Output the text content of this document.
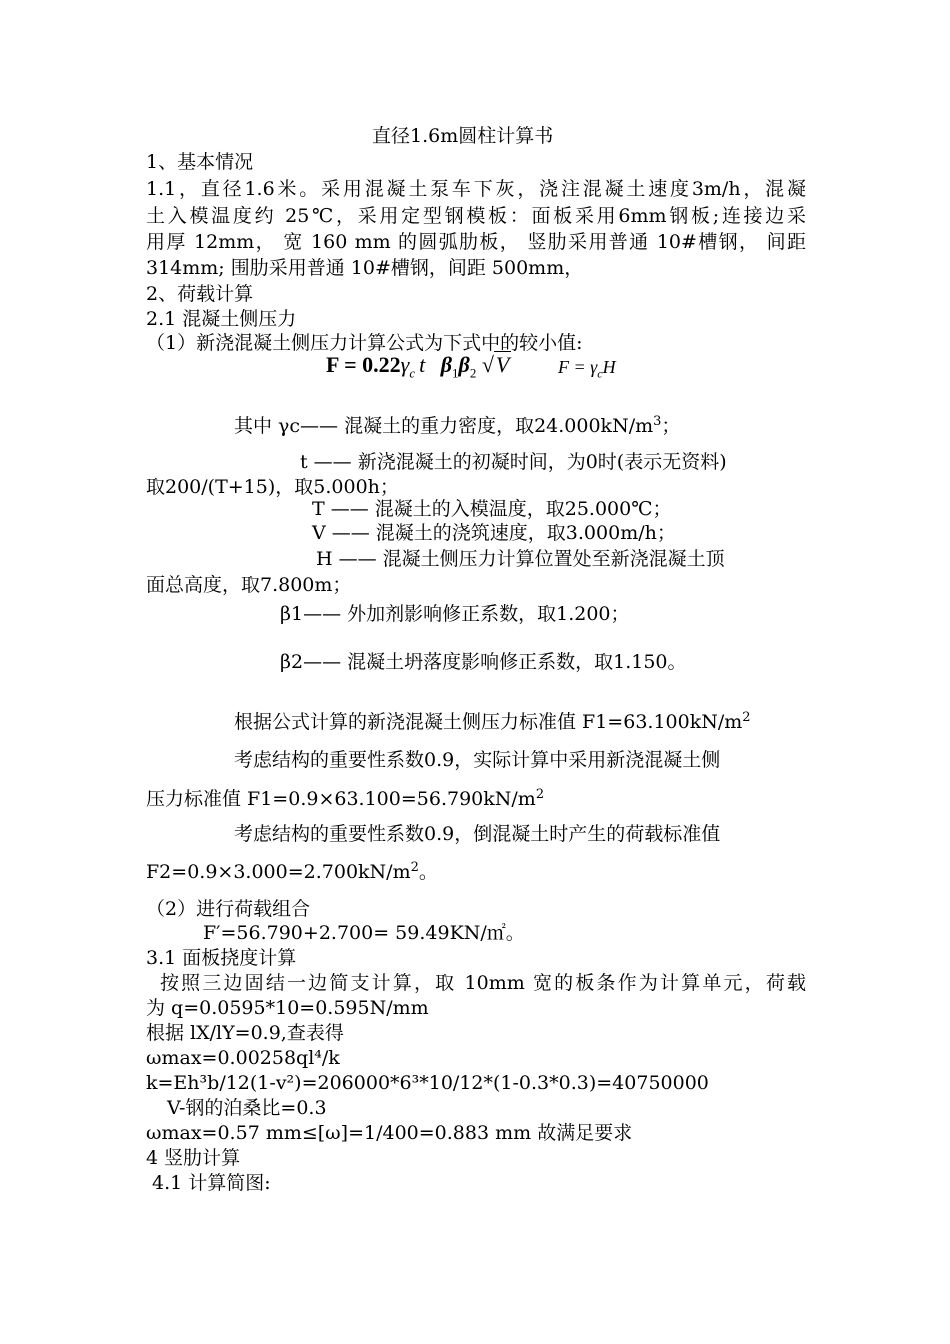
直径1.6m圆柱计算书
1、基本情况
1.1，直径1.6米。采用混凝土泵车下灰，浇注混凝土速度3m/h，混凝
土入模温度约 25℃，采用定型钢模板：面板采用6mm钢板;连接边采
用厚 12mm， 宽 160 mm 的圆弧肋板， 竖肋采用普通 10#槽钢， 间距
314mm; 围肋采用普通 10#槽钢，间距 500mm，
2、荷载计算
2.1 混凝土侧压力
（1）新浇混凝土侧压力计算公式为下式中的较小值:
$F = 0.22\gamma_c$ t $\beta_1\beta_2$ √V	$F = \gamma_cH$
其中 γc—— 混凝土的重力密度，取$24.000kN/m^3$；
t —— 新浇混凝土的初凝时间，为0时(表示无资料)
取200/(T+15)，取5.000h；
T —— 混凝土的入模温度，取25.000℃；
V —— 混凝土的浇筑速度，取3.000m/h；
H —— 混凝土侧压力计算位置处至新浇混凝土顶
面总高度，取7.800m；
β1—— 外加剂影响修正系数，取1.200；
β2—— 混凝土坍落度影响修正系数，取1.150。
根据公式计算的新浇混凝土侧压力标准值 $F1=63.100kN/m^2$
考虑结构的重要性系数0.9，实际计算中采用新浇混凝土侧
压力标准值 $F1=0.9\times 63.100=56.790kN/m^2$
考虑结构的重要性系数0.9，倒混凝土时产生的荷载标准值
$F2=0.9\times 3.000=2.700kN/m^2$。
（2）进行荷载组合
F′=56.790+2.700= 59.49KN/㎡。
3.1 面板挠度计算
按照三边固结一边简支计算，取 10mm 宽的板条作为计算单元，荷载
为 q=0.0595*10=0.595N/mm
根据 lX/lY=0.9,查表得
ωmax=0.00258ql⁴/k
k=Eh³b/12(1-v²)=206000*6³*10/12*(1-0.3*0.3)=40750000
V-钢的泊桑比=0.3
ωmax=0.57 mm≤[ω]=1/400=0.883 mm 故满足要求
4 竖肋计算
4.1 计算简图:
